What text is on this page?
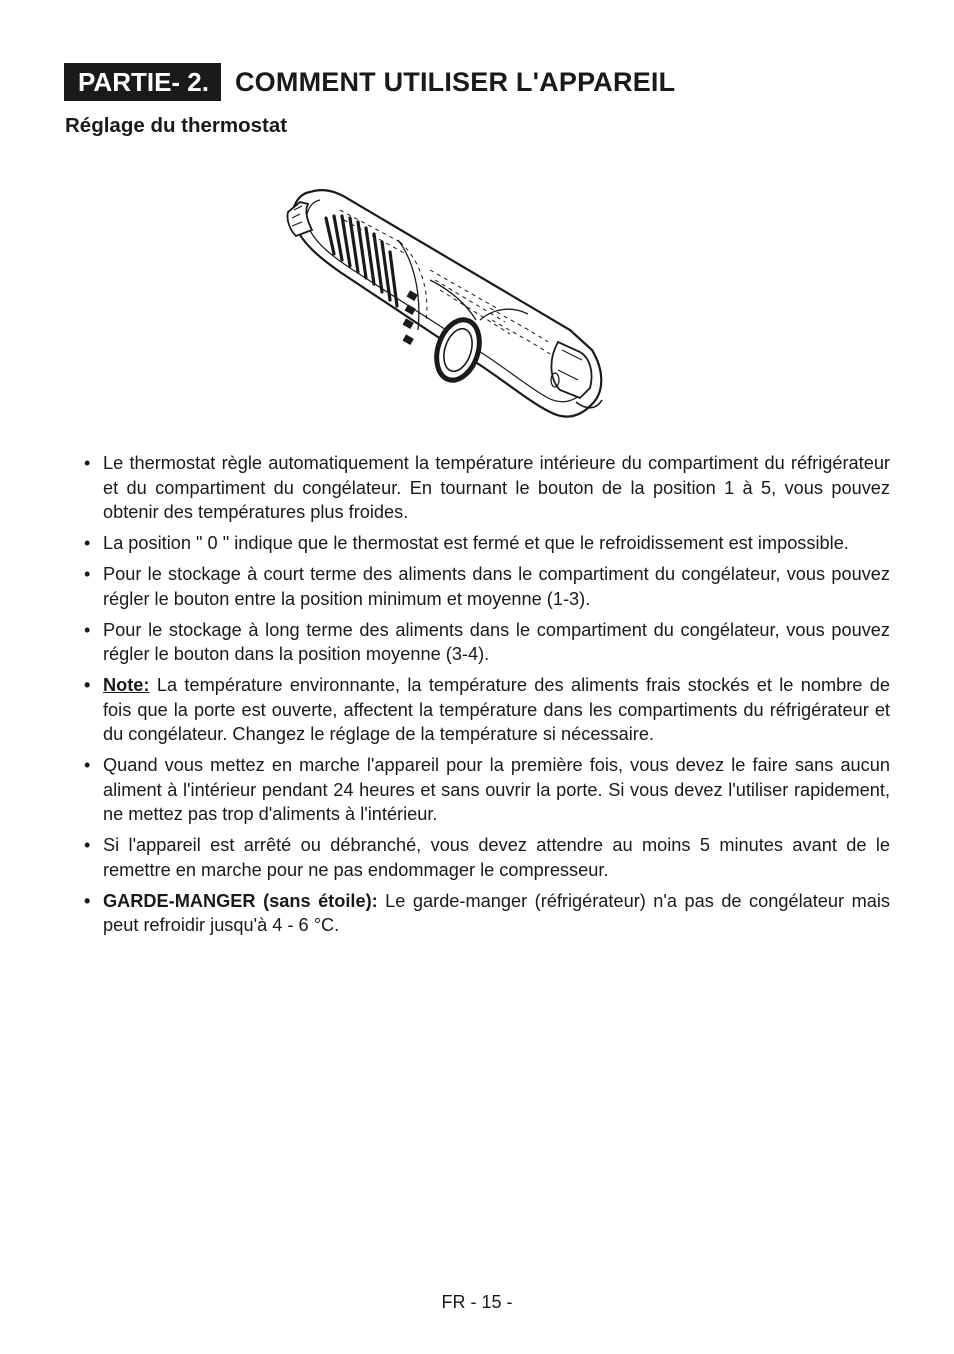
PARTIE- 2. COMMENT UTILISER L'APPAREIL
Réglage du thermostat
• Le thermostat règle automatiquement la température intérieure du compartiment du réfrigérateur et du compartiment du congélateur. En tournant le bouton de la position 1 à 5, vous pouvez obtenir des températures plus froides.
• La position " 0 " indique que le thermostat est fermé et que le refroidissement est impossible.
• Pour le stockage à court terme des aliments dans le compartiment du congélateur, vous pouvez régler le bouton entre la position minimum et moyenne (1-3).
• Pour le stockage à long terme des aliments dans le compartiment du congélateur, vous pouvez régler le bouton dans la position moyenne (3-4).
• Note: La température environnante, la température des aliments frais stockés et le nombre de fois que la porte est ouverte, affectent la température dans les compartiments du réfrigérateur et du congélateur. Changez le réglage de la température si nécessaire.
• Quand vous mettez en marche l'appareil pour la première fois, vous devez le faire sans aucun aliment à l'intérieur pendant 24 heures et sans ouvrir la porte. Si vous devez l'utiliser rapidement, ne mettez pas trop d'aliments à l'intérieur.
• Si l'appareil est arrêté ou débranché, vous devez attendre au moins 5 minutes avant de le remettre en marche pour ne pas endommager le compresseur.
• GARDE-MANGER (sans étoile): Le garde-manger (réfrigérateur) n'a pas de congélateur mais peut refroidir jusqu'à 4 - 6 °C.
FR - 15 -
